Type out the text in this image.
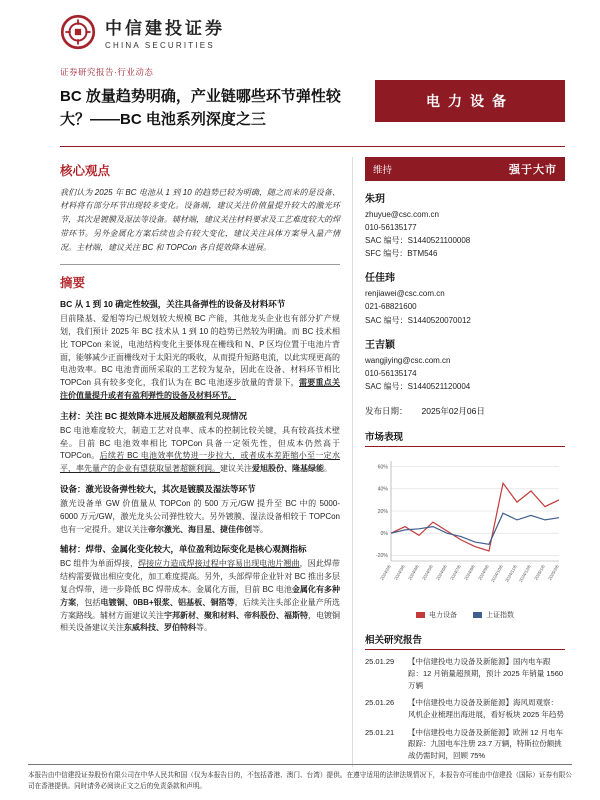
中信建投证券
CHINA SECURITIES
证券研究报告·行业动态
BC 放量趋势明确，产业链哪些环节弹性较大？——BC 电池系列深度之三
电力设备
核心观点

我们认为 2025 年 BC 电池从 1 到 10 的趋势已较为明确，随之而来的是设备、材料将有部分环节出现较多变化。设备端，建议关注价值量提升较大的激光环节，其次是镀膜及湿法等设备。辅材端，建议关注材料要求及工艺难度较大的焊带环节。另外金属化方案后续也会有较大变化，建议关注具体方案导入量产情况。主材端，建议关注 BC 和 TOPCon 各自提效降本进展。

摘要
BC 从 1 到 10 确定性较强，关注具备弹性的设备及材料环节

目前隆基、爱旭等均已规划较大规模 BC 产能，其他龙头企业也有部分扩产规划，我们预计 2025 年 BC 技术从 1 到 10 的趋势已然较为明确。而 BC 技术相比 TOPCon 来说，电池结构变化主要体现在栅线和 N、P 区均位置于电池片背面，能够减少正面栅线对于太阳光的吸收，从而提升短路电流，以此实现更高的电池效率。BC 电池背面所采取的工艺较为复杂，因此在设备、材料环节相比 TOPCon 具有较多变化，我们认为在 BC 电池逐步放量的背景下，需要重点关注价值量提升或者有盈利弹性的设备及材料环节。

主材：关注 BC 提效降本进展及超额盈利兑现情况

BC 电池难度较大，制造工艺对良率、成本的控制比较关键，具有较高技术壁垒。目前 BC 电池效率相比 TOPCon 具备一定领先性，但成本仍然高于 TOPCon。后续若 BC 电池效率优势进一步拉大，或者成本差距缩小至一定水平，率先量产的企业有望获取显著超额利润。建议关注爱旭股份、隆基绿能。

设备：激光设备弹性较大，其次是镀膜及湿法等环节

激光设备单 GW 价值量从 TOPCon 的 500 万元/GW 提升至 BC 中的 5000-6000 万元/GW，激光龙头公司弹性较大。另外镀膜、湿法设备相较于 TOPCon 也有一定提升。建议关注帝尔激光、海目星、捷佳伟创等。

辅材：焊带、金属化变化较大，单位盈利边际变化是核心观测指标

BC 组件为单面焊接，焊接应力造成焊接过程中容易出现电池片翘曲，因此焊带结构需要做出相应变化，加工难度提高。另外，头部焊带企业针对 BC 推出多层复合焊带，进一步降低 BC 焊带成本。金属化方面，目前 BC 电池金属化有多种方案，包括电镀铜、0BB+银浆、铝基板、铜箔等，后续关注头部企业量产所选方案路线。辅材方面建议关注宇邦新材、聚和材料、帝科股份、福斯特，电镀铜相关设备建议关注东威科技、罗伯特科等。

维持	强于大市
朱玥
zhuyue@csc.com.cn
010-56135177
SAC 编号：S1440521100008
SFC 编号：BTM546
任佳玮
renjiawei@csc.com.cn
021-68821600
SAC 编号：S1440520070012
王吉颖
wangjiying@csc.com.cn
010-56135174
SAC 编号：S1440521120004
发布日期： 2025年02月06日
市场表现
-20%
0%
20%
40%
60%
2024/2/6 2024/3/6 2024/4/6 2024/5/6 2024/6/6 2024/7/6 2024/8/6 2024/9/6 2024/10/6 2024/11/6 2024/12/6 2025/1/6 2025/2/6
电力设备	上证指数
相关研究报告
25.01.29	【中信建投电力设备及新能源】国内电车跟踪：12 月销量超预期，预计 2025 年销量 1560 万辆
25.01.26	【中信建投电力设备及新能源】海风周观察：风机企业梳理出海进展，看好板块 2025 年趋势
25.01.21	【中信建投电力设备及新能源】欧洲 12 月电车跟踪：九国电车注册 23.7 万辆，特斯拉份额挑战仍需时间，回顾 75%
本报告由中信建投证券股份有限公司在中华人民共和国（仅为本报告目的，不包括香港、澳门、台湾）提供。在遵守适用的法律法规情况下，本报告亦可能由中信建投（国际）证券有限公司在香港提供。同时请务必阅读正文之后的免责条款和声明。
